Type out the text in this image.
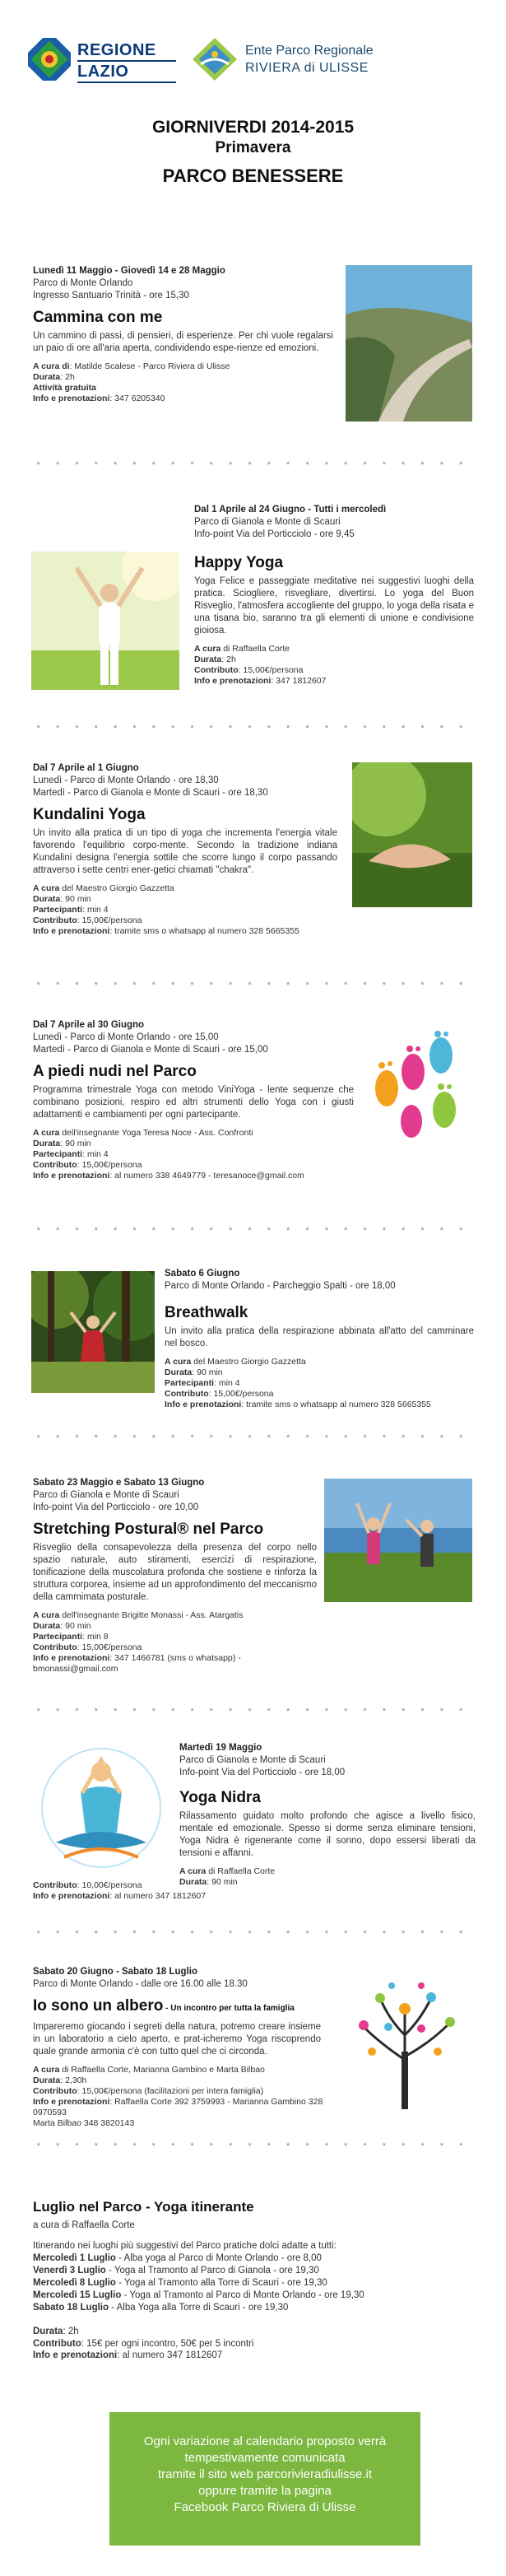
REGIONE
LAZIO
Ente Parco Regionale
RIVIERA di ULISSE
GIORNIVERDI 2014-2015
Primavera
PARCO BENESSERE
Lunedì 11 Maggio - Giovedì 14 e 28 Maggio
Parco di Monte Orlando
Ingresso Santuario Trinità - ore 15,30
Cammina con me
Un cammino di passi, di pensieri, di esperienze. Per chi vuole regalarsi un paio di ore all'aria aperta, condividendo espe-rienze ed emozioni.
A cura di: Matilde Scalese - Parco Riviera di Ulisse
Durata: 2h
Attività gratuita
Info e prenotazioni: 347 6205340
* * * * * * * * * * * * * * * * * * * * * * *
Dal 1 Aprile al 24 Giugno - Tutti i mercoledì
Parco di Gianola e Monte di Scauri
Info-point Via del Porticciolo - ore 9,45
Happy Yoga
Yoga Felice e passeggiate meditative nei suggestivi luoghi della pratica. Sciogliere, risvegliare, divertirsi. Lo yoga del Buon Risveglio, l'atmosfera accogliente del gruppo, lo yoga della risata e una tisana bio, saranno tra gli elementi di unione e condivisione gioiosa.
A cura di Raffaella Corte
Durata: 2h
Contributo: 15,00€/persona
Info e prenotazioni: 347 1812607
* * * * * * * * * * * * * * * * * * * * * * *
Dal 7 Aprile al 1 Giugno
Lunedì - Parco di Monte Orlando - ore 18,30
Martedì - Parco di Gianola e Monte di Scauri - ore 18,30
Kundalini Yoga
Un invito alla pratica di un tipo di yoga che incrementa l'energia vitale favorendo l'equilibrio corpo-mente. Secondo la tradizione indiana Kundalini designa l'energia sottile che scorre lungo il corpo passando attraverso i sette centri ener-getici chiamati "chakra".
A cura del Maestro Giorgio Gazzetta
Durata: 90 min
Partecipanti: min 4
Contributo: 15,00€/persona
Info e prenotazioni: tramite sms o whatsapp al numero 328 5665355
* * * * * * * * * * * * * * * * * * * * * * *
Dal 7 Aprile al 30 Giugno
Lunedì - Parco di Monte Orlando - ore 15,00
Martedì - Parco di Gianola e Monte di Scauri - ore 15,00
A piedi nudi nel Parco
Programma trimestrale Yoga con metodo ViniYoga - lente sequenze che combinano posizioni, respiro ed altri strumenti dello Yoga con i giusti adattamenti e cambiamenti per ogni partecipante.
A cura dell'insegnante Yoga Teresa Noce - Ass. Confronti
Durata: 90 min
Partecipanti: min 4
Contributo: 15,00€/persona
Info e prenotazioni: al numero 338 4649779 - teresanoce@gmail.com
* * * * * * * * * * * * * * * * * * * * * * *
Sabato 6 Giugno
Parco di Monte Orlando - Parcheggio Spalti - ore 18,00
Breathwalk
Un invito alla pratica della respirazione abbinata all'atto del camminare nel bosco.
A cura del Maestro Giorgio Gazzetta
Durata: 90 min
Partecipanti: min 4
Contributo: 15,00€/persona
Info e prenotazioni: tramite sms o whatsapp al numero 328 5665355
* * * * * * * * * * * * * * * * * * * * * * *
Sabato 23 Maggio e Sabato 13 Giugno
Parco di Gianola e Monte di Scauri
Info-point Via del Porticciolo - ore 10,00
Stretching Postural® nel Parco
Risveglio della consapevolezza della presenza del corpo nello spazio naturale, auto stiramenti, esercizi di respirazione, tonificazione della muscolatura profonda che sostiene e rinforza la struttura corporea, insieme ad un approfondimento del meccanismo della cammimata posturale.
A cura dell'insegnante Brigitte Monassi - Ass. Atargatis
Durata: 90 min
Partecipanti: min 8
Contributo: 15,00€/persona
Info e prenotazioni: 347 1466781 (sms o whatsapp) - bmonassi@gmail.com
* * * * * * * * * * * * * * * * * * * * * * *
Martedì 19 Maggio
Parco di Gianola e Monte di Scauri
Info-point Via del Porticciolo - ore 18,00
Yoga Nidra
Rilassamento guidato molto profondo che agisce a livello fisico, mentale ed emozionale. Spesso si dorme senza eliminare tensioni, Yoga Nidra è rigenerante come il sonno, dopo essersi liberati da tensioni e affanni.
A cura di Raffaella Corte
Durata: 90 min
Contributo: 10,00€/persona
Info e prenotazioni: al numero 347 1812607
* * * * * * * * * * * * * * * * * * * * * * *
Sabato 20 Giugno - Sabato 18 Luglio
Parco di Monte Orlando - dalle ore 16.00 alle 18.30
Io sono un albero - Un incontro per tutta la famiglia
Impareremo giocando i segreti della natura, potremo creare insieme in un laboratorio a cielo aperto, e prat-icheremo Yoga riscoprendo quale grande armonia c'è con tutto quel che ci circonda.
A cura di Raffaella Corte, Marianna Gambino e Marta Bilbao
Durata: 2,30h
Contributo: 15,00€/persona (facilitazioni per intera famiglia)
Info e prenotazioni: Raffaella Corte 392 3759993 - Marianna Gambino 328 0970593
Marta Bilbao 348 3820143
* * * * * * * * * * * * * * * * * * * * * * *
Luglio nel Parco - Yoga itinerante
a cura di Raffaella Corte
Itinerando nei luoghi più suggestivi del Parco pratiche dolci adatte a tutti:
Mercoledì 1 Luglio - Alba yoga al Parco di Monte Orlando - ore 8,00
Venerdì 3 Luglio - Yoga al Tramonto al Parco di Gianola - ore 19,30
Mercoledì 8 Luglio - Yoga al Tramonto alla Torre di Scauri - ore 19,30
Mercoledì 15 Luglio - Yoga al Tramonto al Parco di Monte Orlando - ore 19,30
Sabato 18 Luglio - Alba Yoga alla Torre di Scauri - ore 19,30
Durata: 2h
Contributo: 15€ per ogni incontro, 50€ per 5 incontri
Info e prenotazioni: al numero 347 1812607
Ogni variazione al calendario proposto verrà
tempestivamente comunicata
tramite il sito web parcorivieradiulisse.it
oppure tramite la pagina
Facebook Parco Riviera di Ulisse
